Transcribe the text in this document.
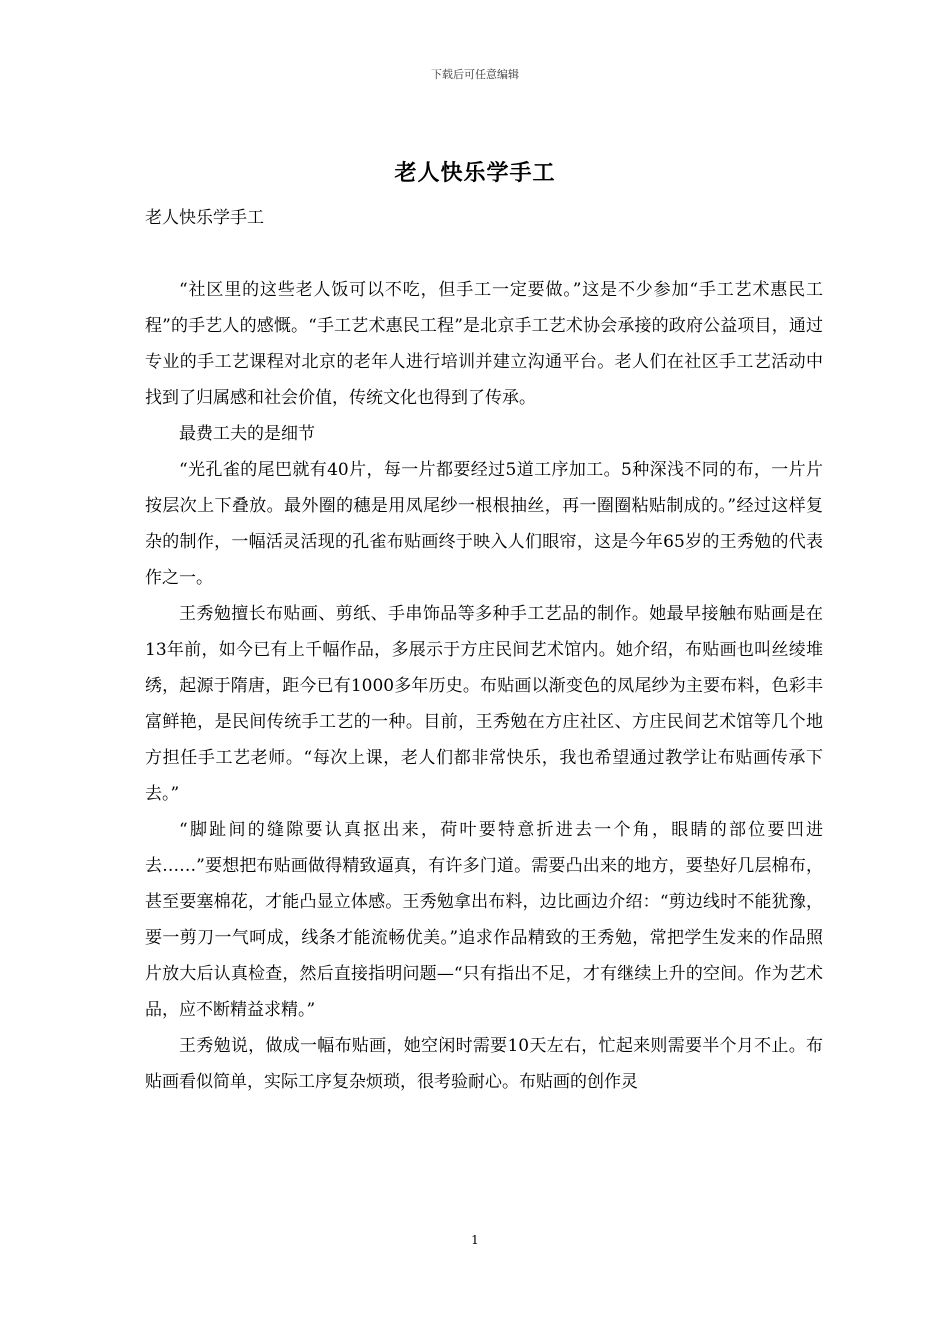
下载后可任意编辑
老人快乐学手工
老人快乐学手工

“社区里的这些老人饭可以不吃，但手工一定要做。”这是不少参加“手工艺术惠民工程”的手艺人的感慨。“手工艺术惠民工程”是北京手工艺术协会承接的政府公益项目，通过专业的手工艺课程对北京的老年人进行培训并建立沟通平台。老人们在社区手工艺活动中找到了归属感和社会价值，传统文化也得到了传承。

最费工夫的是细节

“光孔雀的尾巴就有40片，每一片都要经过5道工序加工。5种深浅不同的布，一片片按层次上下叠放。最外圈的穗是用凤尾纱一根根抽丝，再一圈圈粘贴制成的。”经过这样复杂的制作，一幅活灵活现的孔雀布贴画终于映入人们眼帘，这是今年65岁的王秀勉的代表作之一。

王秀勉擅长布贴画、剪纸、手串饰品等多种手工艺品的制作。她最早接触布贴画是在13年前，如今已有上千幅作品，多展示于方庄民间艺术馆内。她介绍，布贴画也叫丝绫堆绣，起源于隋唐，距今已有1000多年历史。布贴画以渐变色的凤尾纱为主要布料，色彩丰富鲜艳，是民间传统手工艺的一种。目前，王秀勉在方庄社区、方庄民间艺术馆等几个地方担任手工艺老师。“每次上课，老人们都非常快乐，我也希望通过教学让布贴画传承下去。”

“脚趾间的缝隙要认真抠出来，荷叶要特意折进去一个角，眼睛的部位要凹进去……”要想把布贴画做得精致逼真，有许多门道。需要凸出来的地方，要垫好几层棉布，甚至要塞棉花，才能凸显立体感。王秀勉拿出布料，边比画边介绍：“剪边线时不能犹豫，要一剪刀一气呵成，线条才能流畅优美。”追求作品精致的王秀勉，常把学生发来的作品照片放大后认真检查，然后直接指明问题—“只有指出不足，才有继续上升的空间。作为艺术品，应不断精益求精。”

王秀勉说，做成一幅布贴画，她空闲时需要10天左右，忙起来则需要半个月不止。布贴画看似简单，实际工序复杂烦琐，很考验耐心。布贴画的创作灵

1
